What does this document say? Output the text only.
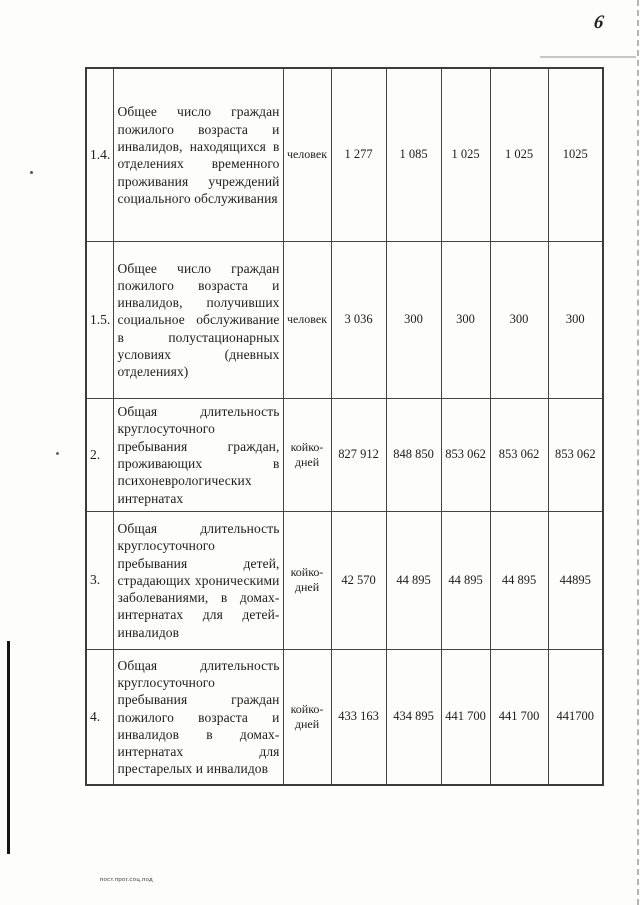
6
1.4.	Общее число граждан пожилого возраста и инвалидов, находящихся в отделениях временного проживания учреждений социального обслуживания	человек	1 277	1 085	1 025	1 025	1025
1.5.	Общее число граждан пожилого возраста и инвалидов, получивших социальное обслуживание в полустационарных условиях (дневных отделениях)	человек	3 036	300	300	300	300
2.	Общая длительность круглосуточного пребывания граждан, проживающих в психоневрологических интернатах	койко-дней	827 912	848 850	853 062	853 062	853 062
3.	Общая длительность круглосуточного пребывания детей, страдающих хроническими заболеваниями, в домах-интернатах для детей-инвалидов	койко-дней	42 570	44 895	44 895	44 895	44895
4.	Общая длительность круглосуточного пребывания граждан пожилого возраста и инвалидов в домах-интернатах для престарелых и инвалидов	койко-дней	433 163	434 895	441 700	441 700	441700
пост.прог.соц.под
